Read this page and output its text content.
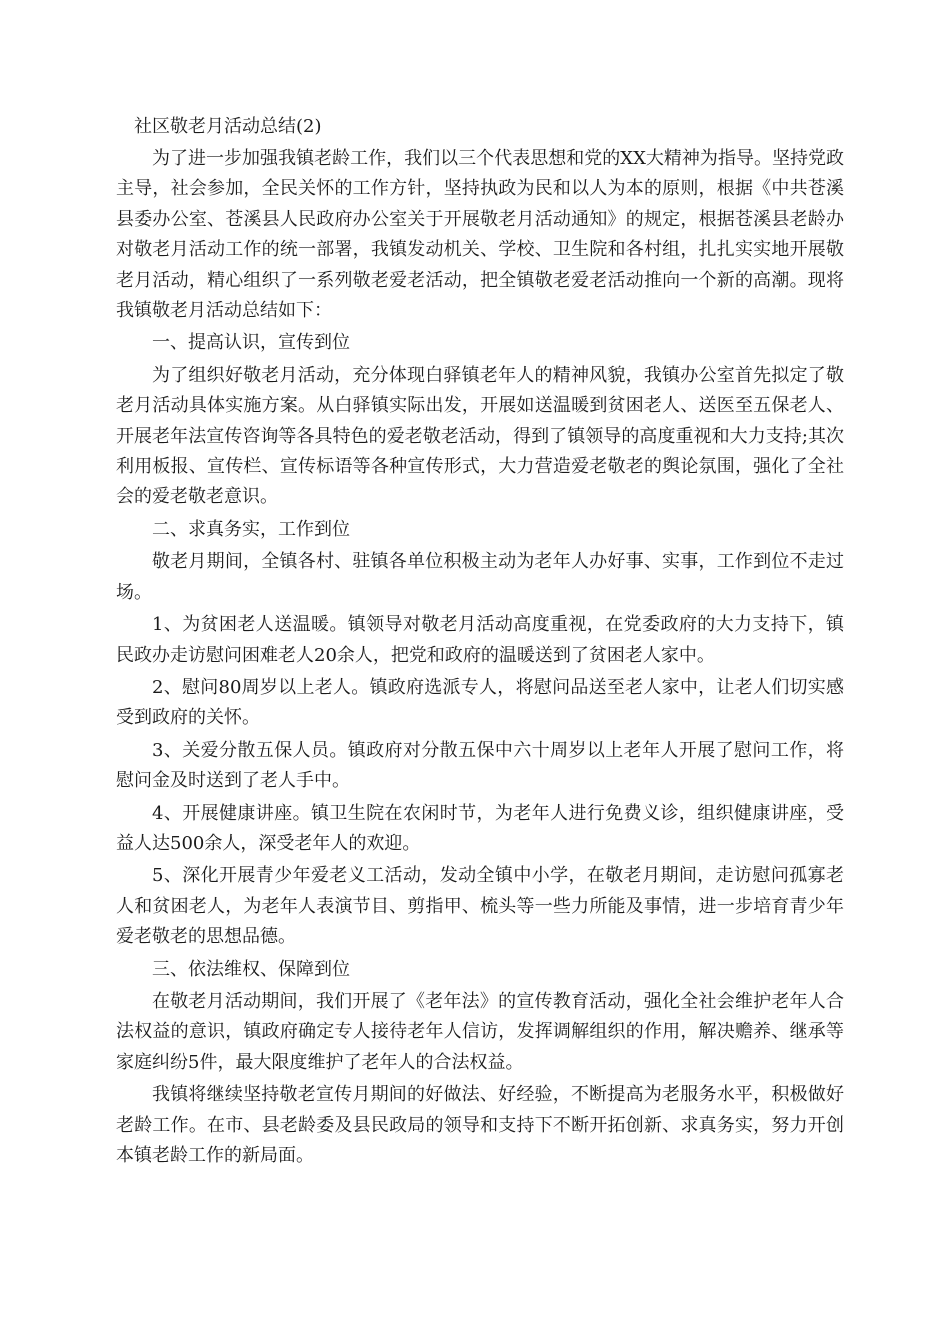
社区敬老月活动总结(2)

为了进一步加强我镇老龄工作，我们以三个代表思想和党的XX大精神为指导。坚持党政主导，社会参加，全民关怀的工作方针，坚持执政为民和以人为本的原则，根据《中共苍溪县委办公室、苍溪县人民政府办公室关于开展敬老月活动通知》的规定，根据苍溪县老龄办对敬老月活动工作的统一部署，我镇发动机关、学校、卫生院和各村组，扎扎实实地开展敬老月活动，精心组织了一系列敬老爱老活动，把全镇敬老爱老活动推向一个新的高潮。现将我镇敬老月活动总结如下：

一、提高认识，宣传到位

为了组织好敬老月活动，充分体现白驿镇老年人的精神风貌，我镇办公室首先拟定了敬老月活动具体实施方案。从白驿镇实际出发，开展如送温暖到贫困老人、送医至五保老人、开展老年法宣传咨询等各具特色的爱老敬老活动，得到了镇领导的高度重视和大力支持;其次利用板报、宣传栏、宣传标语等各种宣传形式，大力营造爱老敬老的舆论氛围，强化了全社会的爱老敬老意识。

二、求真务实，工作到位

敬老月期间，全镇各村、驻镇各单位积极主动为老年人办好事、实事，工作到位不走过场。

1、为贫困老人送温暖。镇领导对敬老月活动高度重视，在党委政府的大力支持下，镇民政办走访慰问困难老人20余人，把党和政府的温暖送到了贫困老人家中。

2、慰问80周岁以上老人。镇政府选派专人，将慰问品送至老人家中，让老人们切实感受到政府的关怀。

3、关爱分散五保人员。镇政府对分散五保中六十周岁以上老年人开展了慰问工作，将慰问金及时送到了老人手中。

4、开展健康讲座。镇卫生院在农闲时节，为老年人进行免费义诊，组织健康讲座，受益人达500余人，深受老年人的欢迎。

5、深化开展青少年爱老义工活动，发动全镇中小学，在敬老月期间，走访慰问孤寡老人和贫困老人，为老年人表演节目、剪指甲、梳头等一些力所能及事情，进一步培育青少年爱老敬老的思想品德。

三、依法维权、保障到位

在敬老月活动期间，我们开展了《老年法》的宣传教育活动，强化全社会维护老年人合法权益的意识，镇政府确定专人接待老年人信访，发挥调解组织的作用，解决赡养、继承等家庭纠纷5件，最大限度维护了老年人的合法权益。

我镇将继续坚持敬老宣传月期间的好做法、好经验，不断提高为老服务水平，积极做好老龄工作。在市、县老龄委及县民政局的领导和支持下不断开拓创新、求真务实，努力开创本镇老龄工作的新局面。
